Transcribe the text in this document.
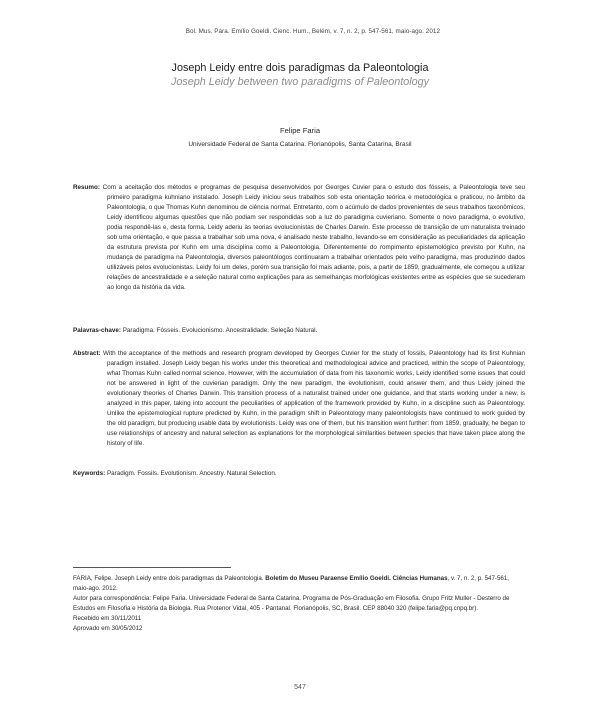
Bol. Mus. Para. Emílio Goeldi. Cienc. Hum., Belém, v. 7, n. 2, p. 547-561, maio-ago. 2012
Joseph Leidy entre dois paradigmas da Paleontologia
Joseph Leidy between two paradigms of Paleontology
Felipe Faria
Universidade Federal de Santa Catarina. Florianópolis, Santa Catarina, Brasil

Resumo: Com a aceitação dos métodos e programas de pesquisa desenvolvidos por Georges Cuvier para o estudo dos fósseis, a Paleontologia teve seu primeiro paradigma kuhniano instalado. Joseph Leidy iniciou seus trabalhos sob esta orientação teórica e metodológica e praticou, no âmbito da Paleontologia, o que Thomas Kuhn denominou de ciência normal. Entretanto, com o acúmulo de dados provenientes de seus trabalhos taxonômicos, Leidy identificou algumas questões que não podiam ser respondidas sob a luz do paradigma cuvieriano. Somente o novo paradigma, o evolutivo, podia respondê-las e, desta forma, Leidy aderiu às teorias evolucionistas de Charles Darwin. Este processo de transição de um naturalista treinado sob uma orientação, e que passa a trabalhar sob uma nova, é analisado neste trabalho, levando-se em consideração as peculiaridades da aplicação da estrutura prevista por Kuhn em uma disciplina como a Paleontologia. Diferentemente do rompimento epistemológico previsto por Kuhn, na mudança de paradigma na Paleontologia, diversos paleontólogos continuaram a trabalhar orientados pelo velho paradigma, mas produzindo dados utilizáveis pelos evolucionistas. Leidy foi um deles, porém sua transição foi mais adiante, pois, a partir de 1859, gradualmente, ele começou a utilizar relações de ancestralidade e a seleção natural como explicações para as semelhanças morfológicas existentes entre as espécies que se sucederam ao longo da história da vida.

Palavras-chave: Paradigma. Fósseis. Evolucionismo. Ancestralidade. Seleção Natural.

Abstract: With the acceptance of the methods and research program developed by Georges Cuvier for the study of fossils, Paleontology had its first Kuhnian paradigm installed. Joseph Leidy began his works under this theoretical and methodological advice and practiced, within the scope of Paleontology, what Thomas Kuhn called normal science. However, with the accumulation of data from his taxonomic works, Leidy identified some issues that could not be answered in light of the cuvierian paradigm. Only the new paradigm, the evolutionism, could answer them, and thus Leidy joined the evolutionary theories of Charles Darwin. This transition process of a naturalist trained under one guidance, and that starts working under a new, is analyzed in this paper, taking into account the peculiarities of application of the framework provided by Kuhn, in a discipline such as Paleontology. Unlike the epistemological rupture predicted by Kuhn, in the paradigm shift in Paleontology many paleontologists have continued to work guided by the old paradigm, but producing usable data by evolutionists. Leidy was one of them, but his transition went further: from 1859, gradually, he began to use relationships of ancestry and natural selection as explanations for the morphological similarities between species that have taken place along the history of life.

Keywords: Paradigm. Fossils. Evolutionism. Ancestry. Natural Selection.

FARIA, Felipe. Joseph Leidy entre dois paradigmas da Paleontologia. Boletim do Museu Paraense Emílio Goeldi. Ciências Humanas, v. 7, n. 2, p. 547-561, maio-ago. 2012.
Autor para correspondência: Felipe Faria. Universidade Federal de Santa Catarina. Programa de Pós-Graduação em Filosofia. Grupo Fritz Muller - Desterro de Estudos em Filosofia e História da Biologia. Rua Protenor Vidal, 405 - Pantanal. Florianópolis, SC, Brasil. CEP 88040 320 (felipe.faria@pq.cnpq.br).
Recebido em 30/11/2011
Aprovado em 30/05/2012
547
